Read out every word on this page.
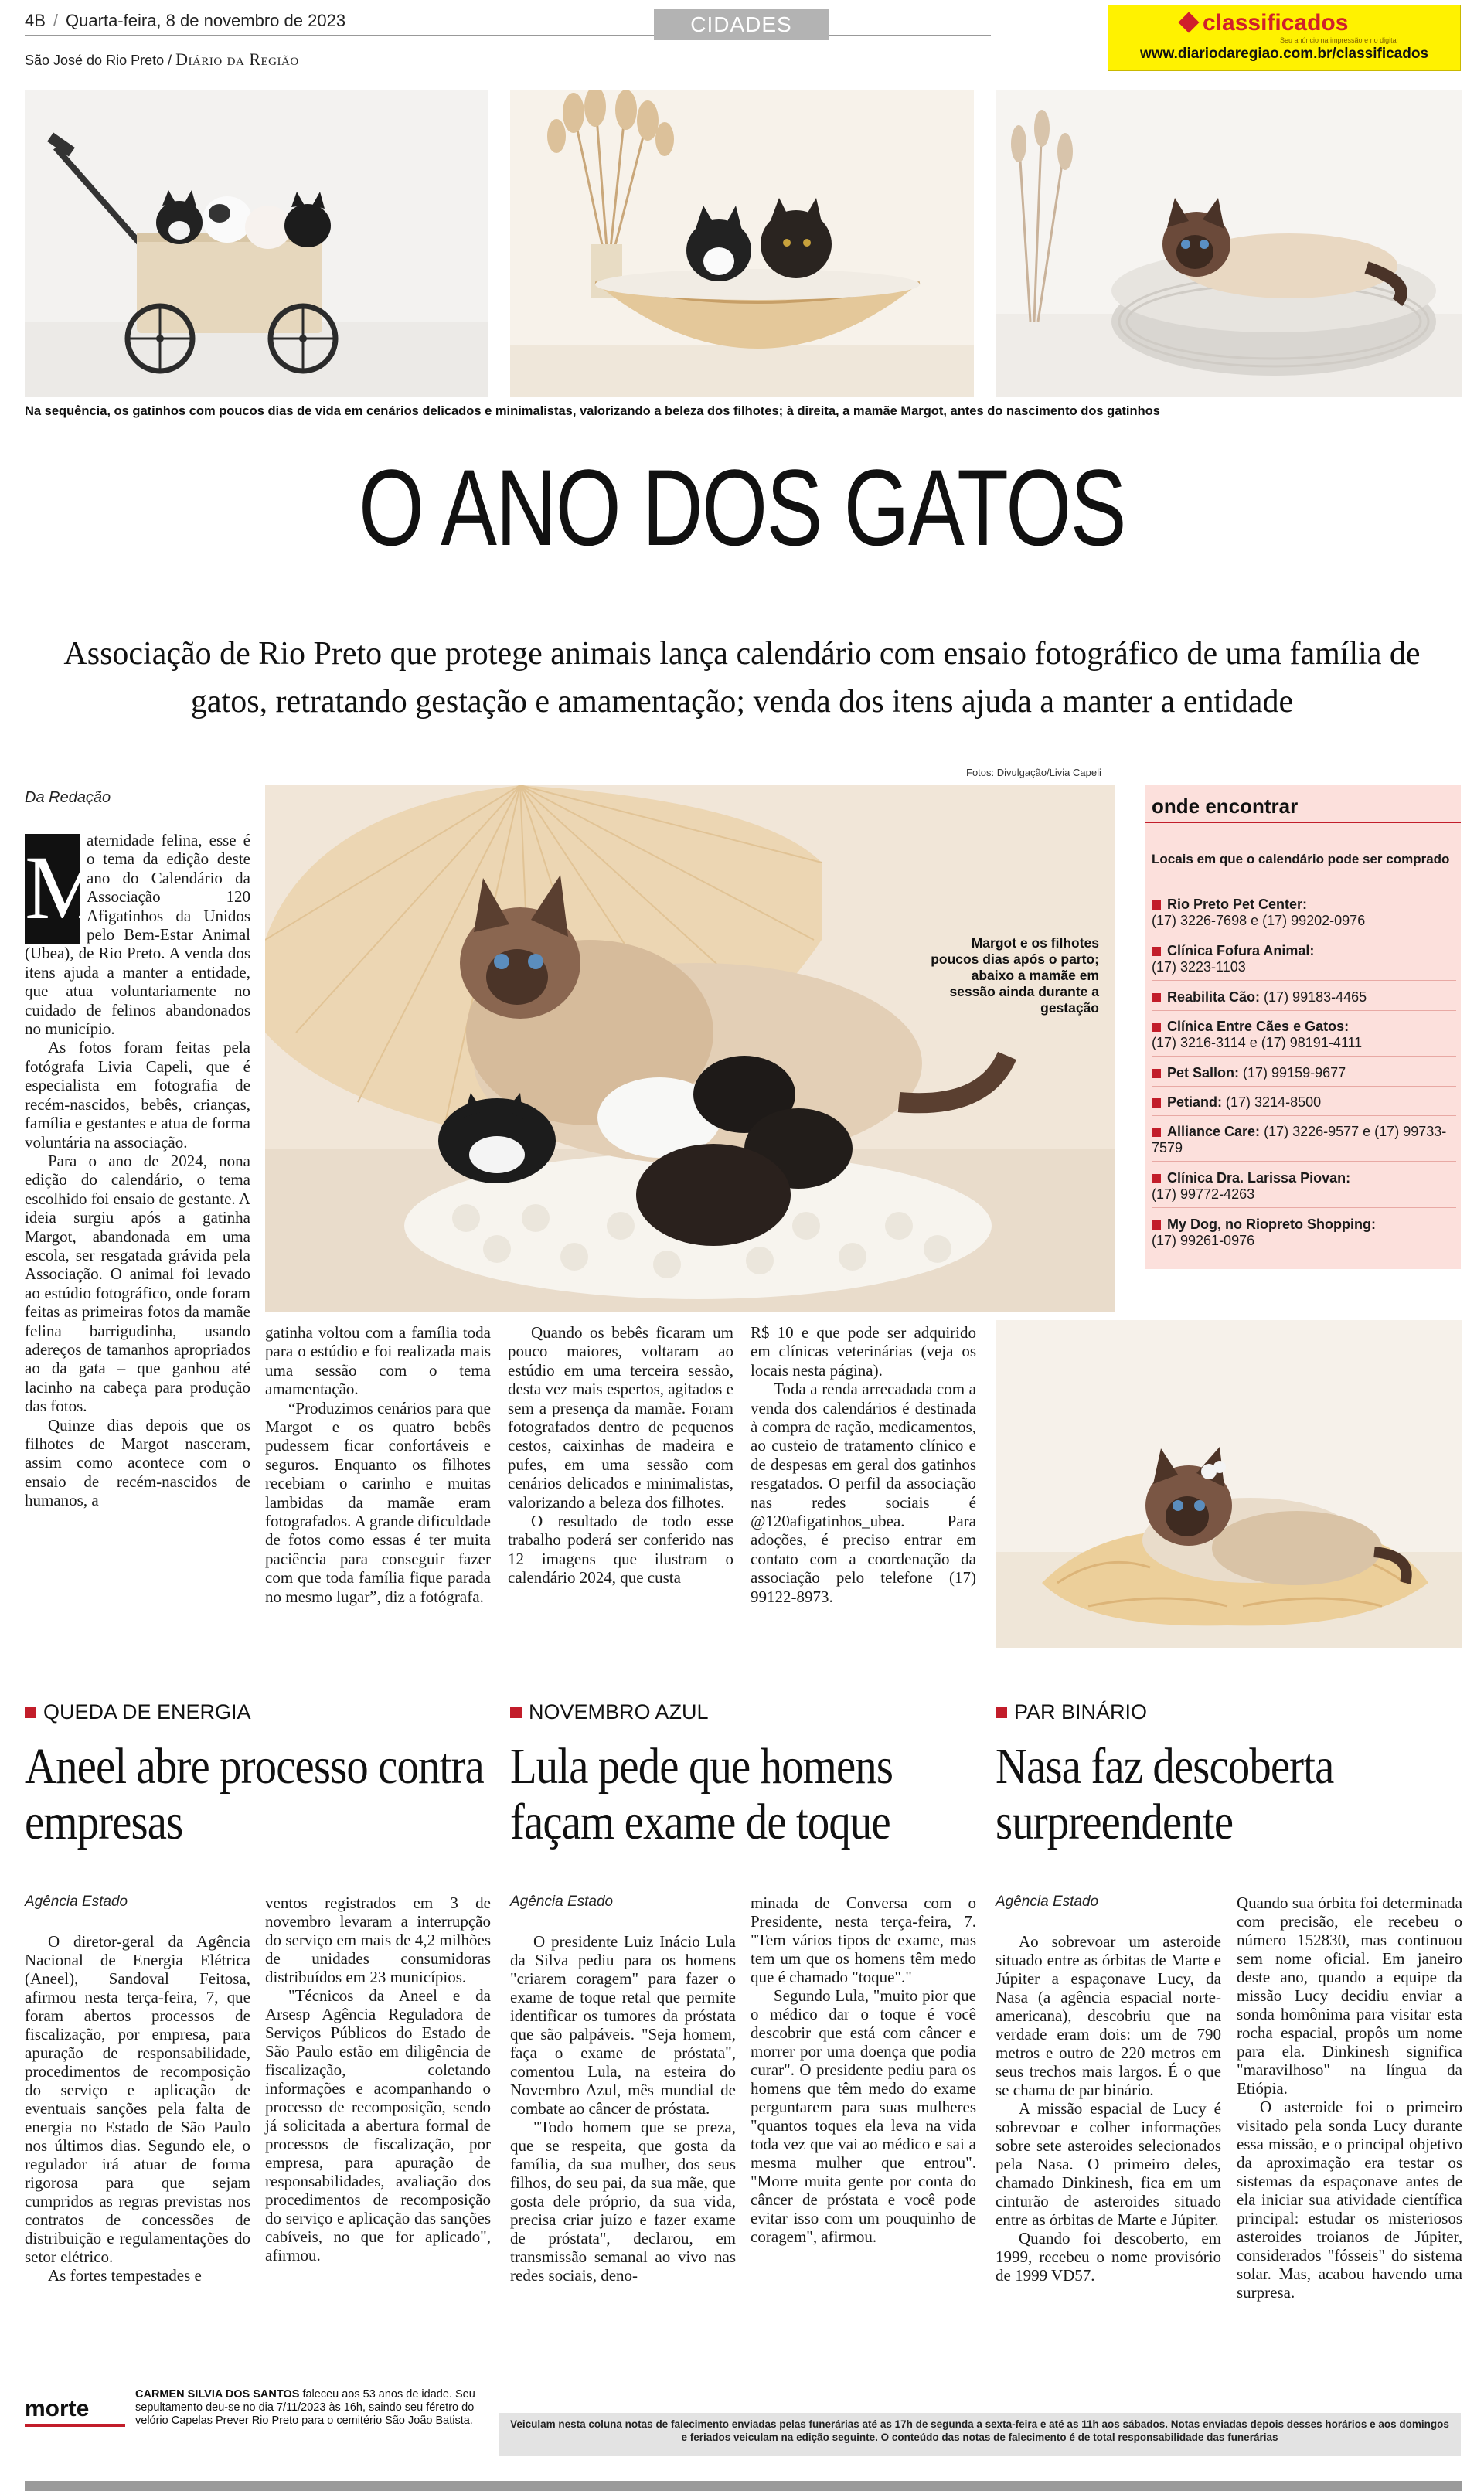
4B / Quarta-feira, 8 de novembro de 2023
São José do Rio Preto / Diário da Região
CIDADES	classificados
Seu anúncio na impressão e no digital
www.diariodaregiao.com.br/classificados
Na sequência, os gatinhos com poucos dias de vida em cenários delicados e minimalistas, valorizando a beleza dos filhotes; à direita, a mamãe Margot, antes do nascimento dos gatinhos
O ANO DOS GATOS
Associação de Rio Preto que protege animais lança calendário com ensaio fotográfico de uma família de gatos, retratando gestação e amamentação; venda dos itens ajuda a manter a entidade
Da Redação
Fotos: Divulgação/Livia Capeli
Margot e os filhotes poucos dias após o parto; abaixo a mamãe em sessão ainda durante a gestação
onde encontrar
Locais em que o calendário pode ser comprado
Rio Preto Pet Center:
(17) 3226-7698 e (17) 99202-0976
Clínica Fofura Animal:
(17) 3223-1103
Reabilita Cão: (17) 99183-4465
Clínica Entre Cães e Gatos:
(17) 3216-3114 e (17) 98191-4111
Pet Sallon: (17) 99159-9677
Petiand: (17) 3214-8500
Alliance Care: (17) 3226-9577 e (17) 99733-7579
Clínica Dra. Larissa Piovan:
(17) 99772-4263
My Dog, no Riopreto Shopping:
(17) 99261-0976
M

aternidade felina, esse é o tema da edição deste ano do Calendário da Associação 120 Afigatinhos da Unidos pelo Bem-Estar Animal (Ubea), de Rio Preto. A venda dos itens ajuda a manter a entidade, que atua voluntariamente no cuidado de felinos abandonados no município.

As fotos foram feitas pela fotógrafa Livia Capeli, que é especialista em fotografia de recém-nascidos, bebês, crianças, família e gestantes e atua de forma voluntária na associação.

Para o ano de 2024, nona edição do calendário, o tema escolhido foi ensaio de gestante. A ideia surgiu após a gatinha Margot, abandonada em uma escola, ser resgatada grávida pela Associação. O animal foi levado ao estúdio fotográfico, onde foram feitas as primeiras fotos da mamãe felina barrigudinha, usando adereços de tamanhos apropriados ao da gata – que ganhou até lacinho na cabeça para produção das fotos.

Quinze dias depois que os filhotes de Margot nasceram, assim como acontece com o ensaio de recém-nascidos de humanos, a

gatinha voltou com a família toda para o estúdio e foi realizada mais uma sessão com o tema amamentação.

“Produzimos cenários para que Margot e os quatro bebês pudessem ficar confortáveis e seguros. Enquanto os filhotes recebiam o carinho e muitas lambidas da mamãe eram fotografados. A grande dificuldade de fotos como essas é ter muita paciência para conseguir fazer com que toda família fique parada no mesmo lugar”, diz a fotógrafa.

Quando os bebês ficaram um pouco maiores, voltaram ao estúdio em uma terceira sessão, desta vez mais espertos, agitados e sem a presença da mamãe. Foram fotografados dentro de pequenos cestos, caixinhas de madeira e pufes, em uma sessão com cenários delicados e minimalistas, valorizando a beleza dos filhotes.

O resultado de todo esse trabalho poderá ser conferido nas 12 imagens que ilustram o calendário 2024, que custa

R$ 10 e que pode ser adquirido em clínicas veterinárias (veja os locais nesta página).

Toda a renda arrecadada com a venda dos calendários é destinada à compra de ração, medicamentos, ao custeio de tratamento clínico e de despesas em geral dos gatinhos resgatados. O perfil da associação nas redes sociais é @120afigatinhos_ubea. Para adoções, é preciso entrar em contato com a coordenação da associação pelo telefone (17) 99122-8973.

QUEDA DE ENERGIA
Aneel abre processo contra empresas
Agência Estado

O diretor-geral da Agência Nacional de Energia Elétrica (Aneel), Sandoval Feitosa, afirmou nesta terça-feira, 7, que foram abertos processos de fiscalização, por empresa, para apuração de responsabilidade, procedimentos de recomposição do serviço e aplicação de eventuais sanções pela falta de energia no Estado de São Paulo nos últimos dias. Segundo ele, o regulador irá atuar de forma rigorosa para que sejam cumpridos as regras previstas nos contratos de concessões de distribuição e regulamentações do setor elétrico.

As fortes tempestades e

ventos registrados em 3 de novembro levaram a interrupção do serviço em mais de 4,2 milhões de unidades consumidoras distribuídos em 23 municípios.

"Técnicos da Aneel e da Arsesp Agência Reguladora de Serviços Públicos do Estado de São Paulo estão em diligência de fiscalização, coletando informações e acompanhando o processo de recomposição, sendo já solicitada a abertura formal de processos de fiscalização, por empresa, para apuração de responsabilidades, avaliação dos procedimentos de recomposição do serviço e aplicação das sanções cabíveis, no que for aplicado", afirmou.

NOVEMBRO AZUL
Lula pede que homens façam exame de toque
Agência Estado

O presidente Luiz Inácio Lula da Silva pediu para os homens "criarem coragem" para fazer o exame de toque retal que permite identificar os tumores da próstata que são palpáveis. "Seja homem, faça o exame de próstata", comentou Lula, na esteira do Novembro Azul, mês mundial de combate ao câncer de próstata.

"Todo homem que se preza, que se respeita, que gosta da família, da sua mulher, dos seus filhos, do seu pai, da sua mãe, que gosta dele próprio, da sua vida, precisa criar juízo e fazer exame de próstata", declarou, em transmissão semanal ao vivo nas redes sociais, deno-

minada de Conversa com o Presidente, nesta terça-feira, 7. "Tem vários tipos de exame, mas tem um que os homens têm medo que é chamado "toque"."

Segundo Lula, "muito pior que o médico dar o toque é você descobrir que está com câncer e morrer por uma doença que podia curar". O presidente pediu para os homens que têm medo do exame perguntarem para suas mulheres "quantos toques ela leva na vida toda vez que vai ao médico e sai a mesma mulher que entrou". "Morre muita gente por conta do câncer de próstata e você pode evitar isso com um pouquinho de coragem", afirmou.

PAR BINÁRIO
Nasa faz descoberta surpreendente
Agência Estado

Ao sobrevoar um asteroide situado entre as órbitas de Marte e Júpiter a espaçonave Lucy, da Nasa (a agência espacial norte-americana), descobriu que na verdade eram dois: um de 790 metros e outro de 220 metros em seus trechos mais largos. É o que se chama de par binário.

A missão espacial de Lucy é sobrevoar e colher informações sobre sete asteroides selecionados pela Nasa. O primeiro deles, chamado Dinkinesh, fica em um cinturão de asteroides situado entre as órbitas de Marte e Júpiter.

Quando foi descoberto, em 1999, recebeu o nome provisório de 1999 VD57.

Quando sua órbita foi determinada com precisão, ele recebeu o número 152830, mas continuou sem nome oficial. Em janeiro deste ano, quando a equipe da missão Lucy decidiu enviar a sonda homônima para visitar esta rocha espacial, propôs um nome para ela. Dinkinesh significa "maravilhoso" na língua da Etiópia.

O asteroide foi o primeiro visitado pela sonda Lucy durante essa missão, e o principal objetivo da aproximação era testar os sistemas da espaçonave antes de ela iniciar sua atividade científica principal: estudar os misteriosos asteroides troianos de Júpiter, considerados "fósseis" do sistema solar. Mas, acabou havendo uma surpresa.

morte
CARMEN SILVIA DOS SANTOS faleceu aos 53 anos de idade. Seu sepultamento deu-se no dia 7/11/2023 às 16h, saindo seu féretro do velório Capelas Prever Rio Preto para o cemitério São João Batista.	Veiculam nesta coluna notas de falecimento enviadas pelas funerárias até as 17h de segunda a sexta-feira e até as 11h aos sábados. Notas enviadas depois desses horários e aos domingos e feriados veiculam na edição seguinte. O conteúdo das notas de falecimento é de total responsabilidade das funerárias
